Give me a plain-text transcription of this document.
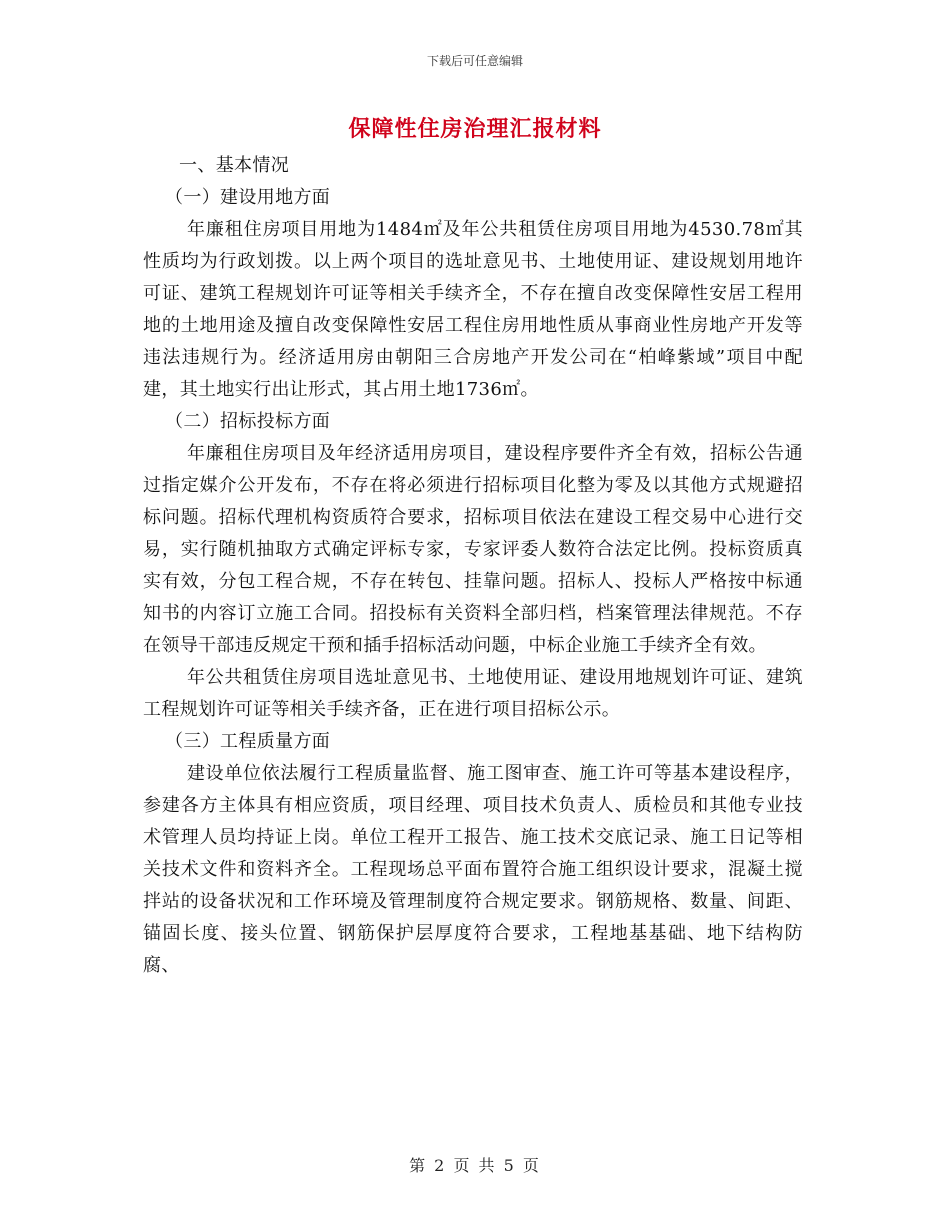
下载后可任意编辑
保障性住房治理汇报材料

一、基本情况

（一）建设用地方面

年廉租住房项目用地为1484㎡及年公共租赁住房项目用地为4530.78㎡其性质均为行政划拨。以上两个项目的选址意见书、土地使用证、建设规划用地许可证、建筑工程规划许可证等相关手续齐全，不存在擅自改变保障性安居工程用地的土地用途及擅自改变保障性安居工程住房用地性质从事商业性房地产开发等违法违规行为。经济适用房由朝阳三合房地产开发公司在“柏峰紫域”项目中配建，其土地实行出让形式，其占用土地1736㎡。

（二）招标投标方面

年廉租住房项目及年经济适用房项目，建设程序要件齐全有效，招标公告通过指定媒介公开发布，不存在将必须进行招标项目化整为零及以其他方式规避招标问题。招标代理机构资质符合要求，招标项目依法在建设工程交易中心进行交易，实行随机抽取方式确定评标专家，专家评委人数符合法定比例。投标资质真实有效，分包工程合规，不存在转包、挂靠问题。招标人、投标人严格按中标通知书的内容订立施工合同。招投标有关资料全部归档，档案管理法律规范。不存在领导干部违反规定干预和插手招标活动问题，中标企业施工手续齐全有效。

年公共租赁住房项目选址意见书、土地使用证、建设用地规划许可证、建筑工程规划许可证等相关手续齐备，正在进行项目招标公示。

（三）工程质量方面

建设单位依法履行工程质量监督、施工图审查、施工许可等基本建设程序，参建各方主体具有相应资质，项目经理、项目技术负责人、质检员和其他专业技术管理人员均持证上岗。单位工程开工报告、施工技术交底记录、施工日记等相关技术文件和资料齐全。工程现场总平面布置符合施工组织设计要求，混凝土搅拌站的设备状况和工作环境及管理制度符合规定要求。钢筋规格、数量、间距、锚固长度、接头位置、钢筋保护层厚度符合要求，工程地基基础、地下结构防腐、

第 2 页 共 5 页
